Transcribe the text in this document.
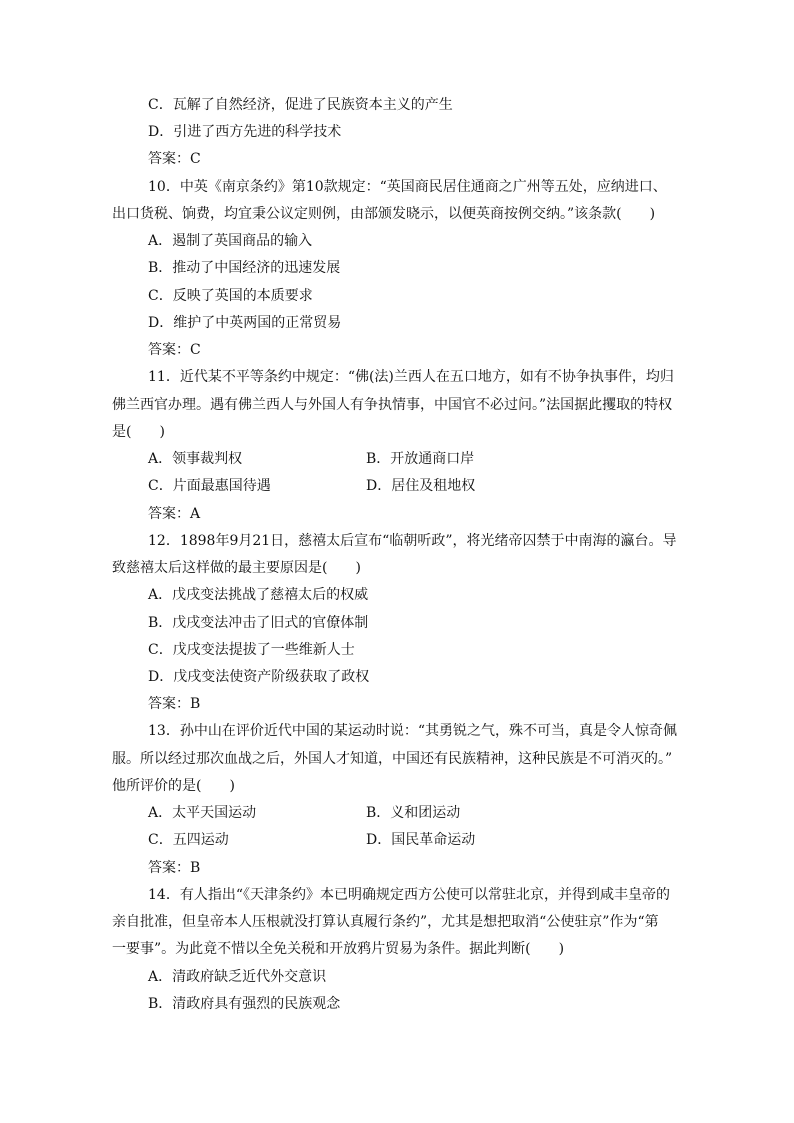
C．瓦解了自然经济，促进了民族资本主义的产生
D．引进了西方先进的科学技术
答案：C
10．中英《南京条约》第10款规定：“英国商民居住通商之广州等五处，应纳进口、
出口货税、饷费，均宜秉公议定则例，由部颁发晓示，以便英商按例交纳。”该条款(　　)
A．遏制了英国商品的输入
B．推动了中国经济的迅速发展
C．反映了英国的本质要求
D．维护了中英两国的正常贸易
答案：C
11．近代某不平等条约中规定：“佛(法)兰西人在五口地方，如有不协争执事件，均归
佛兰西官办理。遇有佛兰西人与外国人有争执情事，中国官不必过问。”法国据此攫取的特权
是(　　)
A．领事裁判权	B．开放通商口岸
C．片面最惠国待遇	D．居住及租地权
答案：A
12．1898年9月21日，慈禧太后宣布“临朝听政”，将光绪帝囚禁于中南海的瀛台。导
致慈禧太后这样做的最主要原因是(　　)
A．戊戌变法挑战了慈禧太后的权威
B．戊戌变法冲击了旧式的官僚体制
C．戊戌变法提拔了一些维新人士
D．戊戌变法使资产阶级获取了政权
答案：B
13．孙中山在评价近代中国的某运动时说：“其勇锐之气，殊不可当，真是令人惊奇佩
服。所以经过那次血战之后，外国人才知道，中国还有民族精神，这种民族是不可消灭的。”
他所评价的是(　　)
A．太平天国运动	B．义和团运动
C．五四运动	D．国民革命运动
答案：B
14．有人指出“《天津条约》本已明确规定西方公使可以常驻北京，并得到咸丰皇帝的
亲自批准，但皇帝本人压根就没打算认真履行条约”，尤其是想把取消“公使驻京”作为“第
一要事”。为此竟不惜以全免关税和开放鸦片贸易为条件。据此判断(　　)
A．清政府缺乏近代外交意识
B．清政府具有强烈的民族观念
